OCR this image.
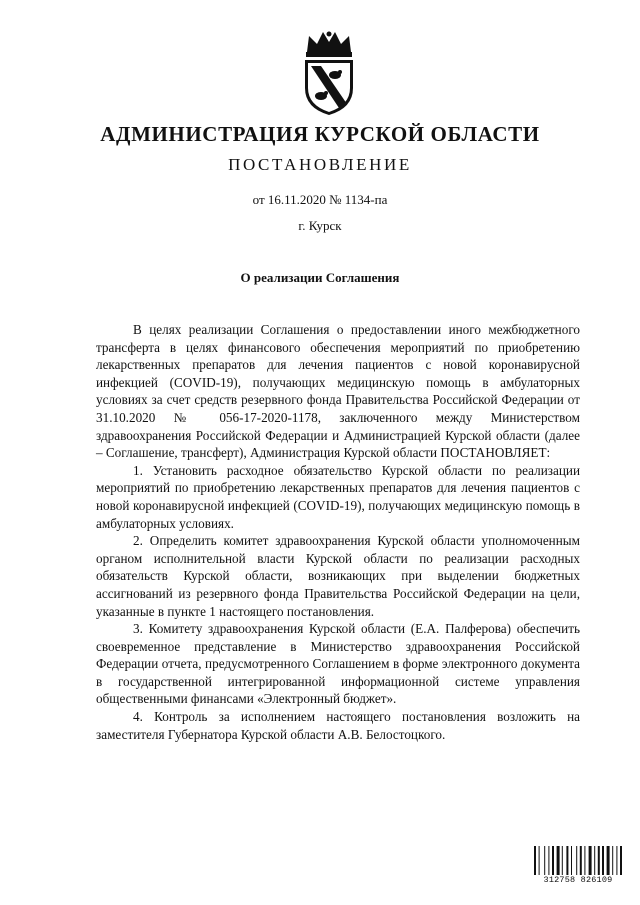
АДМИНИСТРАЦИЯ КУРСКОЙ ОБЛАСТИ
ПОСТАНОВЛЕНИЕ
от 16.11.2020 № 1134-па
г. Курск
О реализации Соглашения

В целях реализации Соглашения о предоставлении иного межбюджетного трансферта в целях финансового обеспечения мероприятий по приобретению лекарственных препаратов для лечения пациентов с новой коронавирусной инфекцией (COVID-19), получающих медицинскую помощь в амбулаторных условиях за счет средств резервного фонда Правительства Российской Федерации от 31.10.2020 № 056-17-2020-1178, заключенного между Министерством здравоохранения Российской Федерации и Администрацией Курской области (далее – Соглашение, трансферт), Администрация Курской области ПОСТАНОВЛЯЕТ:

1. Установить расходное обязательство Курской области по реализации мероприятий по приобретению лекарственных препаратов для лечения пациентов с новой коронавирусной инфекцией (COVID-19), получающих медицинскую помощь в амбулаторных условиях.

2. Определить комитет здравоохранения Курской области уполномоченным органом исполнительной власти Курской области по реализации расходных обязательств Курской области, возникающих при выделении бюджетных ассигнований из резервного фонда Правительства Российской Федерации на цели, указанные в пункте 1 настоящего постановления.

3. Комитету здравоохранения Курской области (Е.А. Палферова) обеспечить своевременное представление в Министерство здравоохранения Российской Федерации отчета, предусмотренного Соглашением в форме электронного документа в государственной интегрированной информационной системе управления общественными финансами «Электронный бюджет».

4. Контроль за исполнением настоящего постановления возложить на заместителя Губернатора Курской области А.В. Белостоцкого.

312758 826109
